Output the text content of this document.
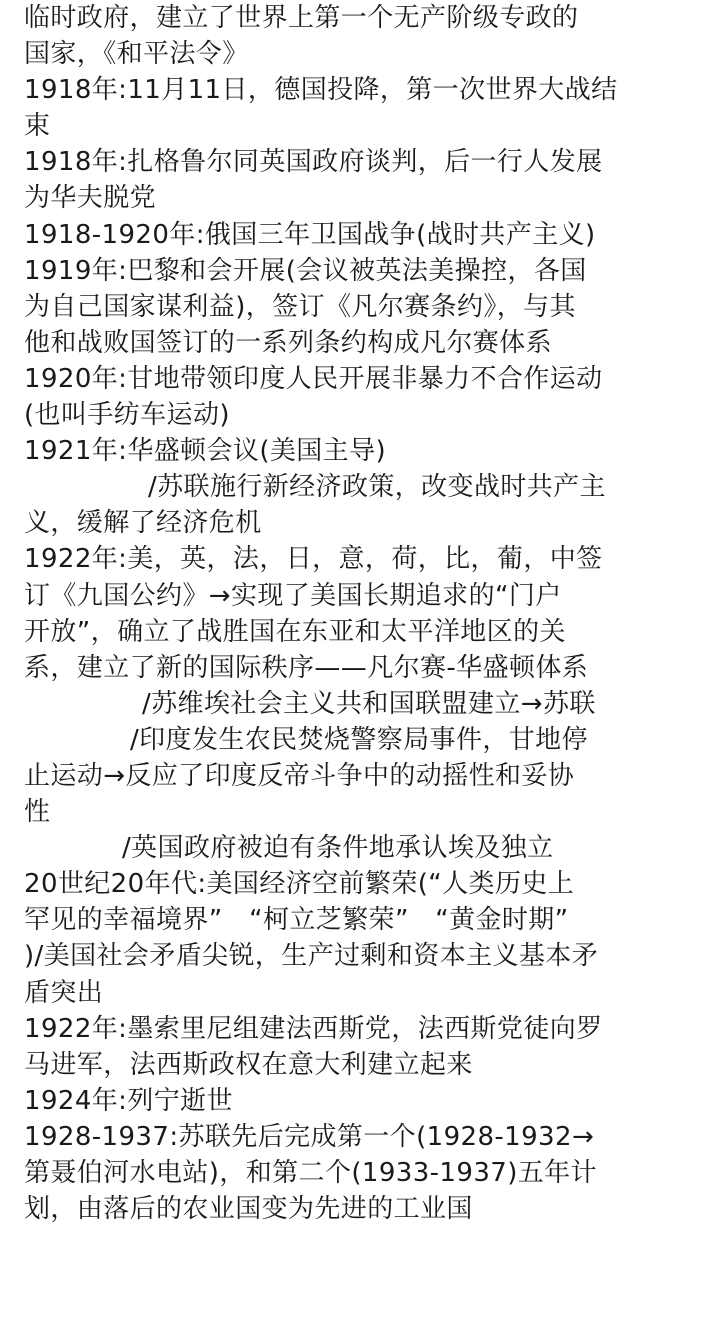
临时政府，建立了世界上第一个无产阶级专政的
国家，《和平法令》
1918年:11月11日，德国投降，第一次世界大战结
束
1918年:扎格鲁尔同英国政府谈判，后一行人发展
为华夫脱党
1918-1920年:俄国三年卫国战争(战时共产主义)
1919年:巴黎和会开展(会议被英法美操控，各国
为自己国家谋利益)，签订《凡尔赛条约》，与其
他和战败国签订的一系列条约构成凡尔赛体系
1920年:甘地带领印度人民开展非暴力不合作运动
(也叫手纺车运动)
1921年:华盛顿会议(美国主导)
/苏联施行新经济政策，改变战时共产主
义，缓解了经济危机
1922年:美，英，法，日，意，荷，比，葡，中签
订《九国公约》→实现了美国长期追求的“门户
开放”，确立了战胜国在东亚和太平洋地区的关
系，建立了新的国际秩序——凡尔赛-华盛顿体系
/苏维埃社会主义共和国联盟建立→苏联
/印度发生农民焚烧警察局事件，甘地停
止运动→反应了印度反帝斗争中的动摇性和妥协
性
/英国政府被迫有条件地承认埃及独立
20世纪20年代:美国经济空前繁荣(“人类历史上
罕见的幸福境界”　“柯立芝繁荣”　“黄金时期”
)/美国社会矛盾尖锐，生产过剩和资本主义基本矛
盾突出
1922年:墨索里尼组建法西斯党，法西斯党徒向罗
马进军，法西斯政权在意大利建立起来
1924年:列宁逝世
1928-1937:苏联先后完成第一个(1928-1932→
第聂伯河水电站)，和第二个(1933-1937)五年计
划，由落后的农业国变为先进的工业国
